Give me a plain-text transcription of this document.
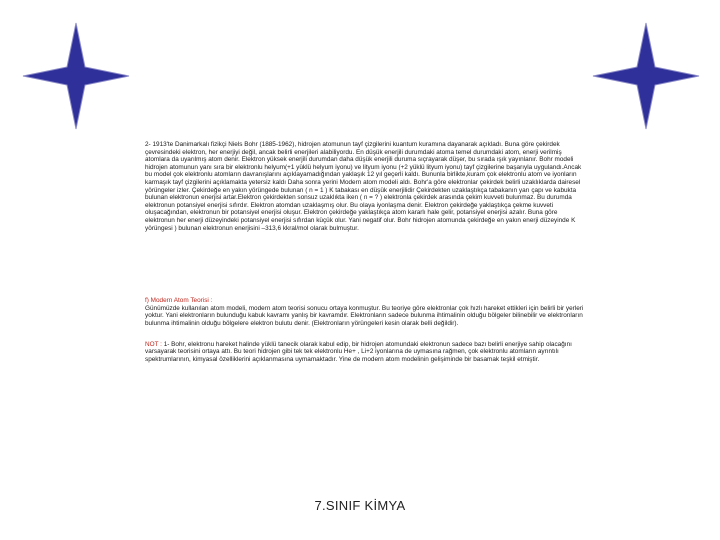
2- 1913'te Danimarkalı fizikçi Niels Bohr (1885-1962), hidrojen atomunun tayf çizgilerini kuantum kuramına dayanarak açıkladı. Buna göre çekirdek çevresindeki elektron, her enerjiyi değil, ancak belirli enerjileri alabiliyordu. En düşük enerjili durumdaki atoma temel durumdaki atom, enerji verilmiş atomlara da uyarılmış atom denir. Elektron yüksek enerjili durumdan daha düşük enerjili duruma sıçrayarak düşer, bu sırada ışık yayınlanır. Bohr modeli hidrojen atomunun yanı sıra bir elektronlu helyum(+1 yüklü helyum iyonu) ve lityum iyonu (+2 yüklü lityum iyonu) tayf çizgilerine başarıyla uygulandı.Ancak bu model çok elektronlu atomların davranışlarını açıklayamadığından yaklaşık 12 yıl geçerli kaldı. Bununla birlikte,kuram çok elektronlu atom ve iyonların karmaşık tayf çizgilerini açıklamakta yetersiz kaldı Daha sonra yerini Modern atom modeli aldı. Bohr'a göre elektronlar çekirdek belirli uzaklıklarda dairesel yörüngeler izler. Çekirdeğe en yakın yörüngede bulunan ( n = 1 ) K tabakası en düşük enerjilidir Çekirdekten uzaklaştıkça tabakanın yarı çapı ve kabukta bulunan elektronun enerjisi artar.Elektron çekirdekten sonsuz uzaklıkta iken ( n = ? ) elektronla çekirdek arasında çekim kuvveti bulunmaz. Bu durumda elektronun potansiyel enerjisi sıfırdır. Elektron atomdan uzaklaşmış olur. Bu olaya iyonlaşma denir. Elektron çekirdeğe yaklaştıkça çekme kuvveti oluşacağından, elektronun bir potansiyel enerjisi oluşur. Elektron çekirdeğe yaklaştıkça atom kararlı hale gelir, potansiyel enerjisi azalır. Buna göre elektronun her enerji düzeyindeki potansiyel enerjisi sıfırdan küçük olur. Yani negatif olur. Bohr hidrojen atomunda çekirdeğe en yakın enerji düzeyinde K yörüngesi ) bulunan elektronun enerjisini –313,6 kkral/mol olarak bulmuştur.

f) Modern Atom Teorisi :

Günümüzde kullanılan atom modeli, modern atom teorisi sonucu ortaya konmuştur. Bu teoriye göre elektronlar çok hızlı hareket ettikleri için belirli bir yerleri yoktur. Yani elektronların bulunduğu kabuk kavramı yanlış bir kavramdır. Elektronların sadece bulunma ihtimalinin olduğu bölgeler bilinebilir ve elektronların bulunma ihtimalinin olduğu bölgelere elektron bulutu denir. (Elektronların yörüngeleri kesin olarak belli değildir).

NOT : 1- Bohr, elektronu hareket halinde yüklü tanecik olarak kabul edip, bir hidrojen atomundaki elektronun sadece bazı belirli enerjiye sahip olacağını varsayarak teorisini ortaya attı. Bu teori hidrojen gibi tek tek elektronlu He+ , Li+2 iyonlarına de uymasına rağmen, çok elektronlu atomların ayrıntılı spektrumlarının, kimyasal özelliklerini açıklanmasına uymamaktadır. Yine de modern atom modelinin gelişiminde bir basamak teşkil etmiştir.

7.SINIF KİMYA
